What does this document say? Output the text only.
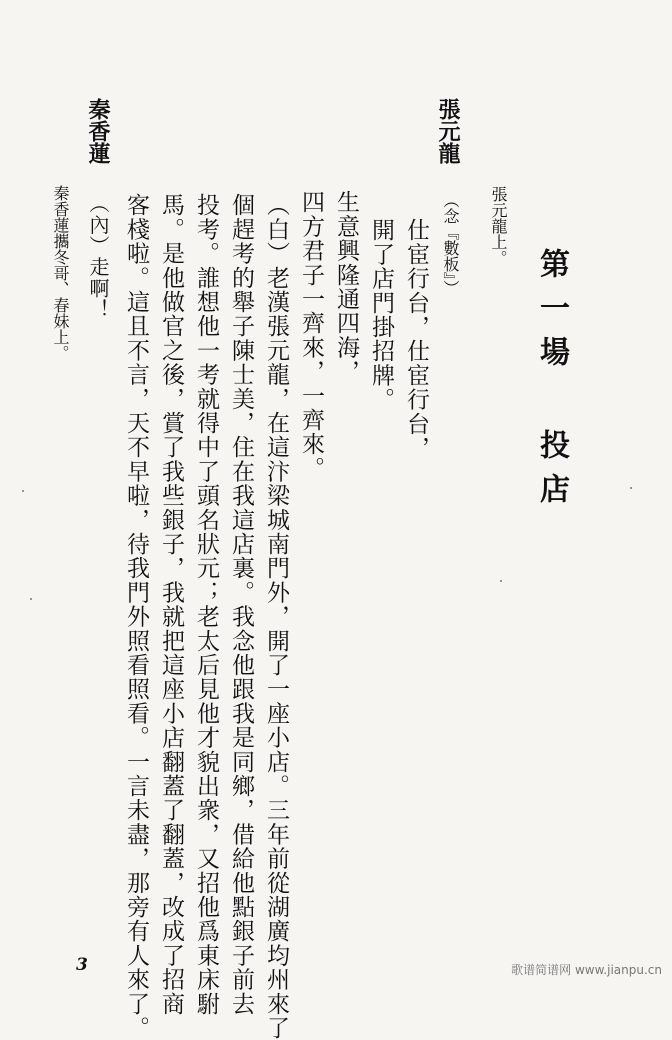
第一場 投店
張元龍上。
張元龍
（念『數板』）
仕宦行台，仕宦行台，
開了店門掛招牌。
生意興隆通四海，
四方君子一齊來，一齊來。
（白）老漢張元龍，在這汴梁城南門外，開了一座小店。三年前從湖廣均州來了
個趕考的舉子陳士美，住在我這店裏。我念他跟我是同鄉，借給他點銀子前去
投考。誰想他一考就得中了頭名狀元；老太后見他才貌出衆，又招他爲東床駙
馬。是他做官之後，賞了我些銀子，我就把這座小店翻蓋了翻蓋，改成了招商
客棧啦。這且不言，天不早啦，待我門外照看照看。一言未盡，那旁有人來了。
秦香蓮
（內）走啊！
秦香蓮攜冬哥、春妹上。
3	歌谱简谱网 www.jianpu.cn
